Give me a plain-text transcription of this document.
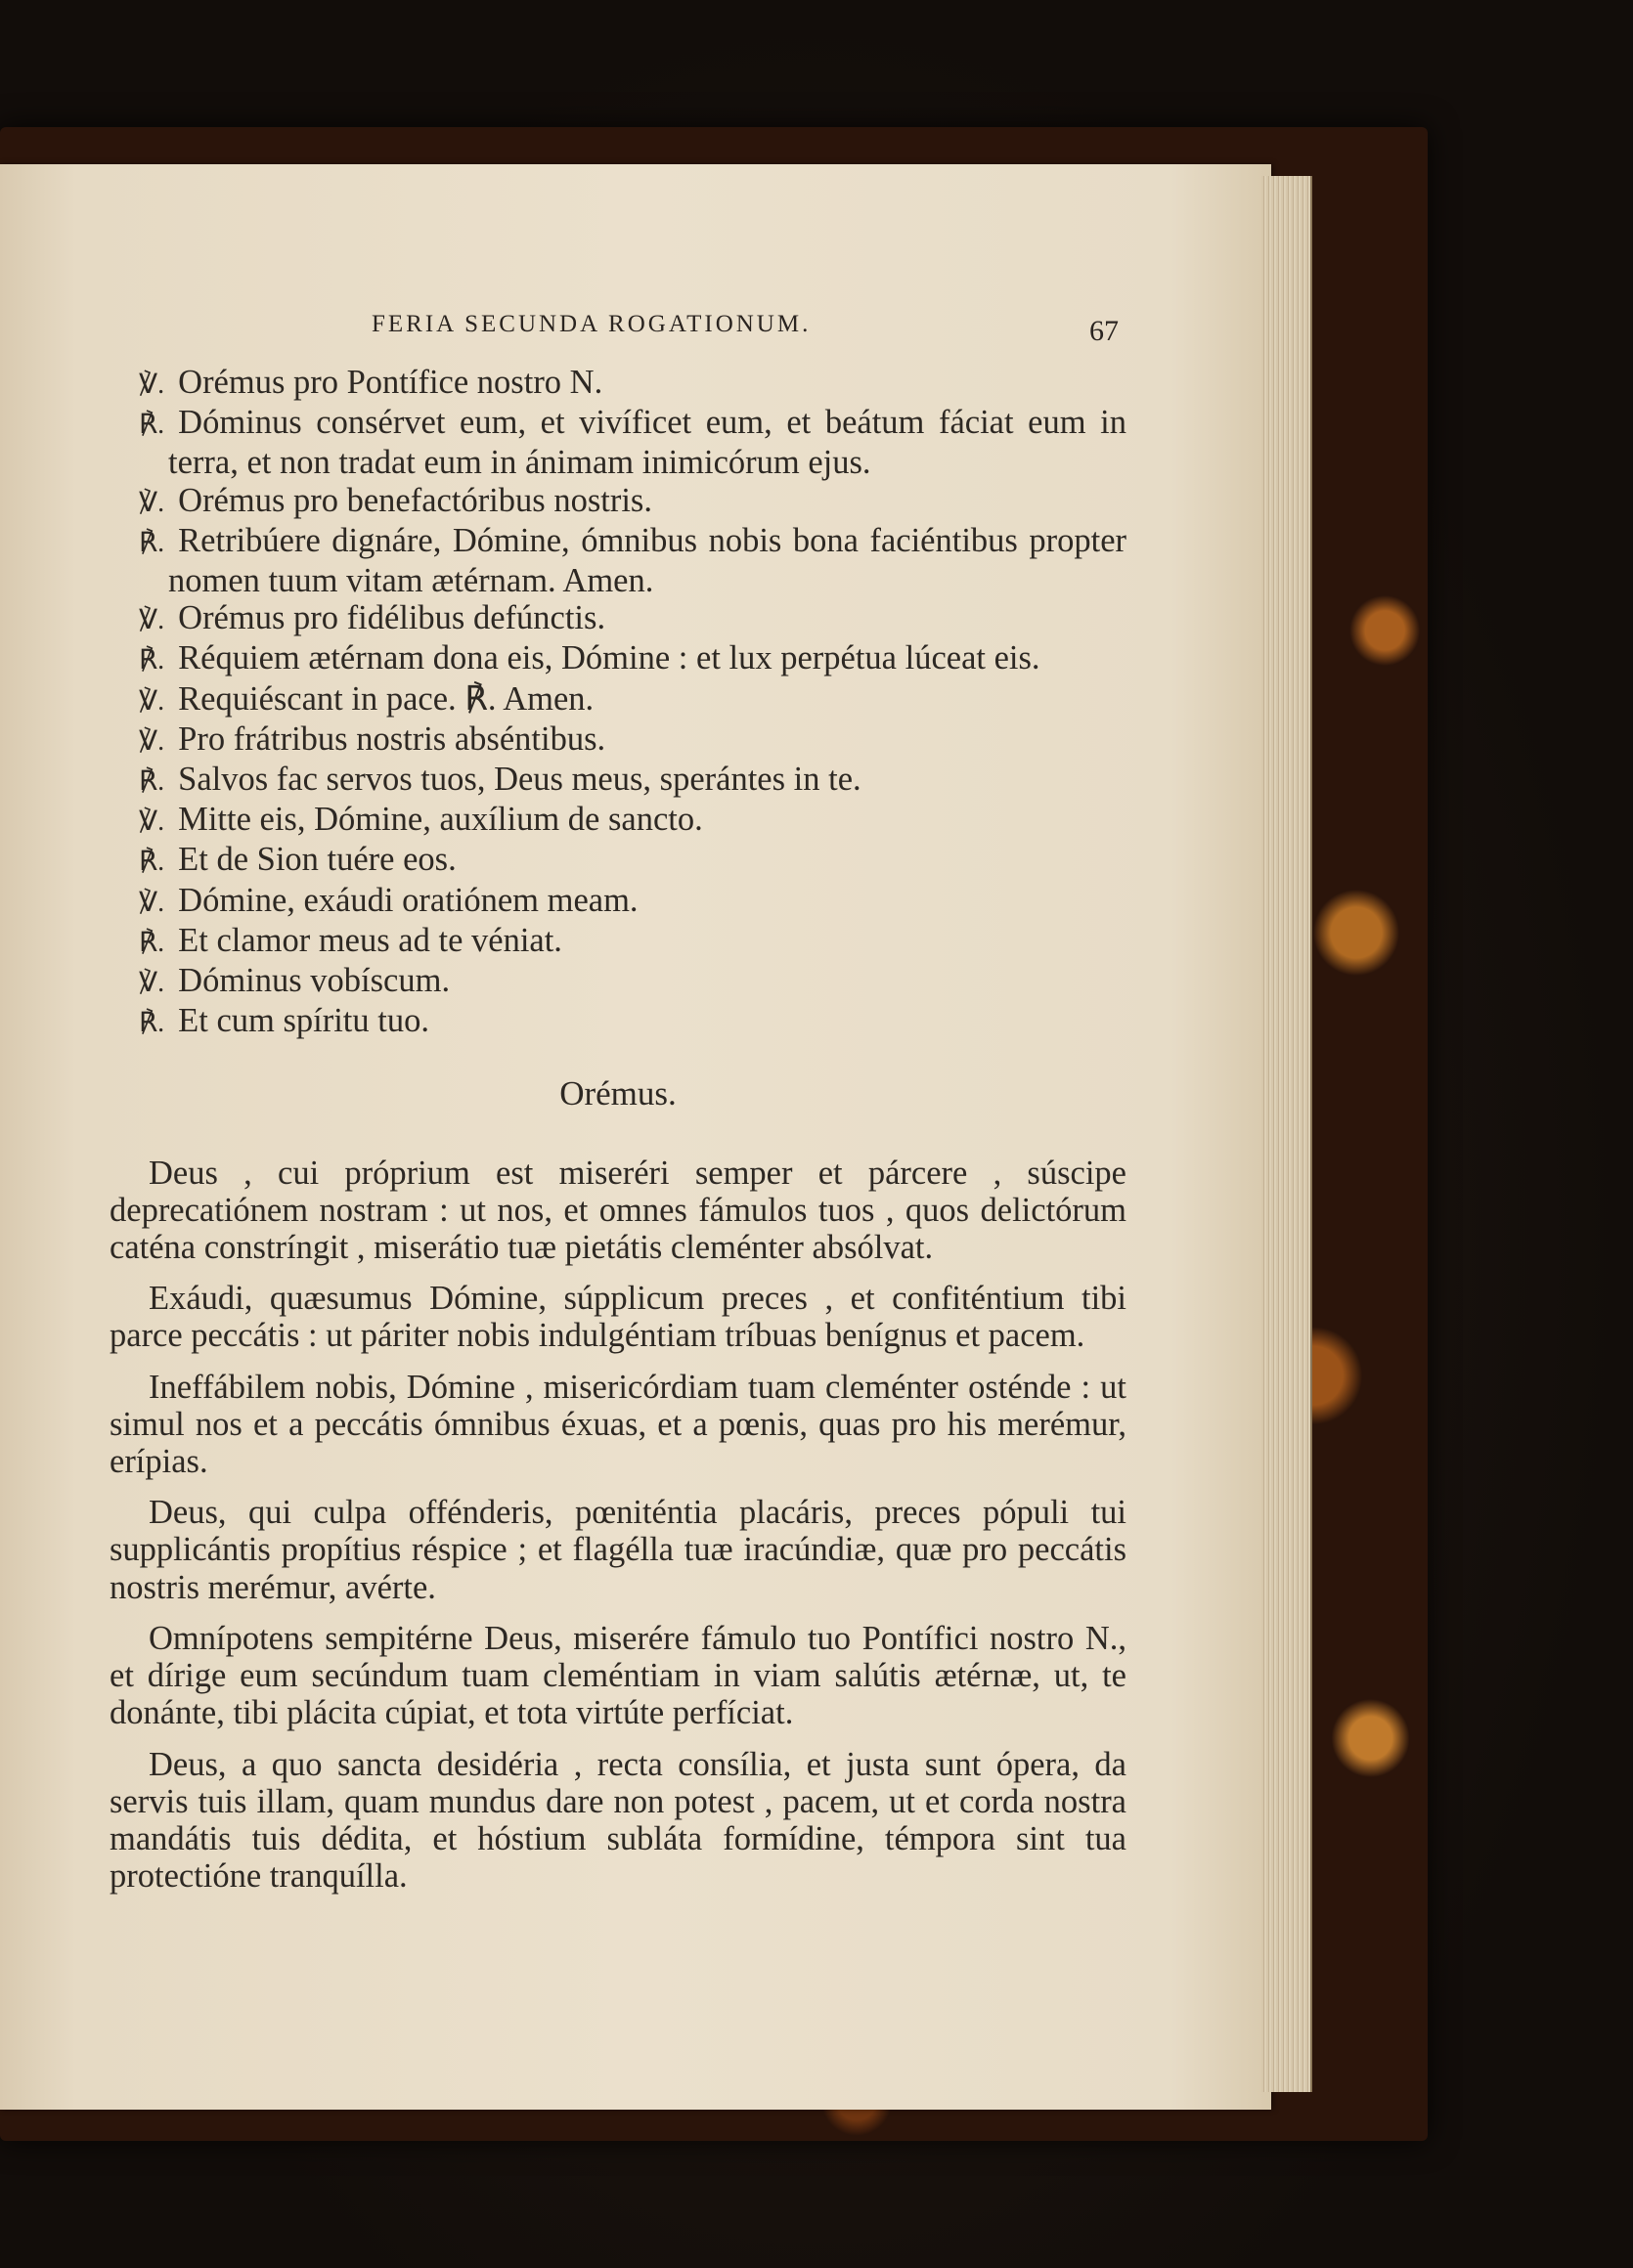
FERIA SECUNDA ROGATIONUM.	67

℣. Orémus pro Pontífice nostro N.

℟. Dóminus consérvet eum, et vivíficet eum, et beátum fáciat eum in terra, et non tradat eum in ánimam inimicórum ejus.

℣. Orémus pro benefactóribus nostris.

℟. Retribúere dignáre, Dómine, ómnibus nobis bona faciéntibus propter nomen tuum vitam ætérnam. Amen.

℣. Orémus pro fidélibus defúnctis.

℟. Réquiem ætérnam dona eis, Dómine : et lux perpétua lúceat eis.

℣. Requiéscant in pace. ℟. Amen.

℣. Pro frátribus nostris abséntibus.

℟. Salvos fac servos tuos, Deus meus, sperántes in te.

℣. Mitte eis, Dómine, auxílium de sancto.

℟. Et de Sion tuére eos.

℣. Dómine, exáudi oratiónem meam.

℟. Et clamor meus ad te véniat.

℣. Dóminus vobíscum.

℟. Et cum spíritu tuo.

Orémus.

Deus , cui próprium est miseréri semper et párcere , súscipe deprecatiónem nostram : ut nos, et omnes fámulos tuos , quos delictórum caténa constríngit , miserátio tuæ pietátis cleménter absólvat.

Exáudi, quæsumus Dómine, súpplicum preces , et confiténtium tibi parce peccátis : ut páriter nobis indulgéntiam tríbuas benígnus et pacem.

Ineffábilem nobis, Dómine , misericórdiam tuam cleménter osténde : ut simul nos et a peccátis ómnibus éxuas, et a pœnis, quas pro his merémur, erípias.

Deus, qui culpa offénderis, pœniténtia placáris, preces pópuli tui supplicántis propítius réspice ; et flagélla tuæ iracúndiæ, quæ pro peccátis nostris merémur, avérte.

Omnípotens sempitérne Deus, miserére fámulo tuo Pontífici nostro N., et dírige eum secúndum tuam cleméntiam in viam salútis ætérnæ, ut, te donánte, tibi plácita cúpiat, et tota virtúte perfíciat.

Deus, a quo sancta desidéria , recta consília, et justa sunt ópera, da servis tuis illam, quam mundus dare non potest , pacem, ut et corda nostra mandátis tuis dédita, et hóstium subláta formídine, témpora sint tua protectióne tranquílla.
